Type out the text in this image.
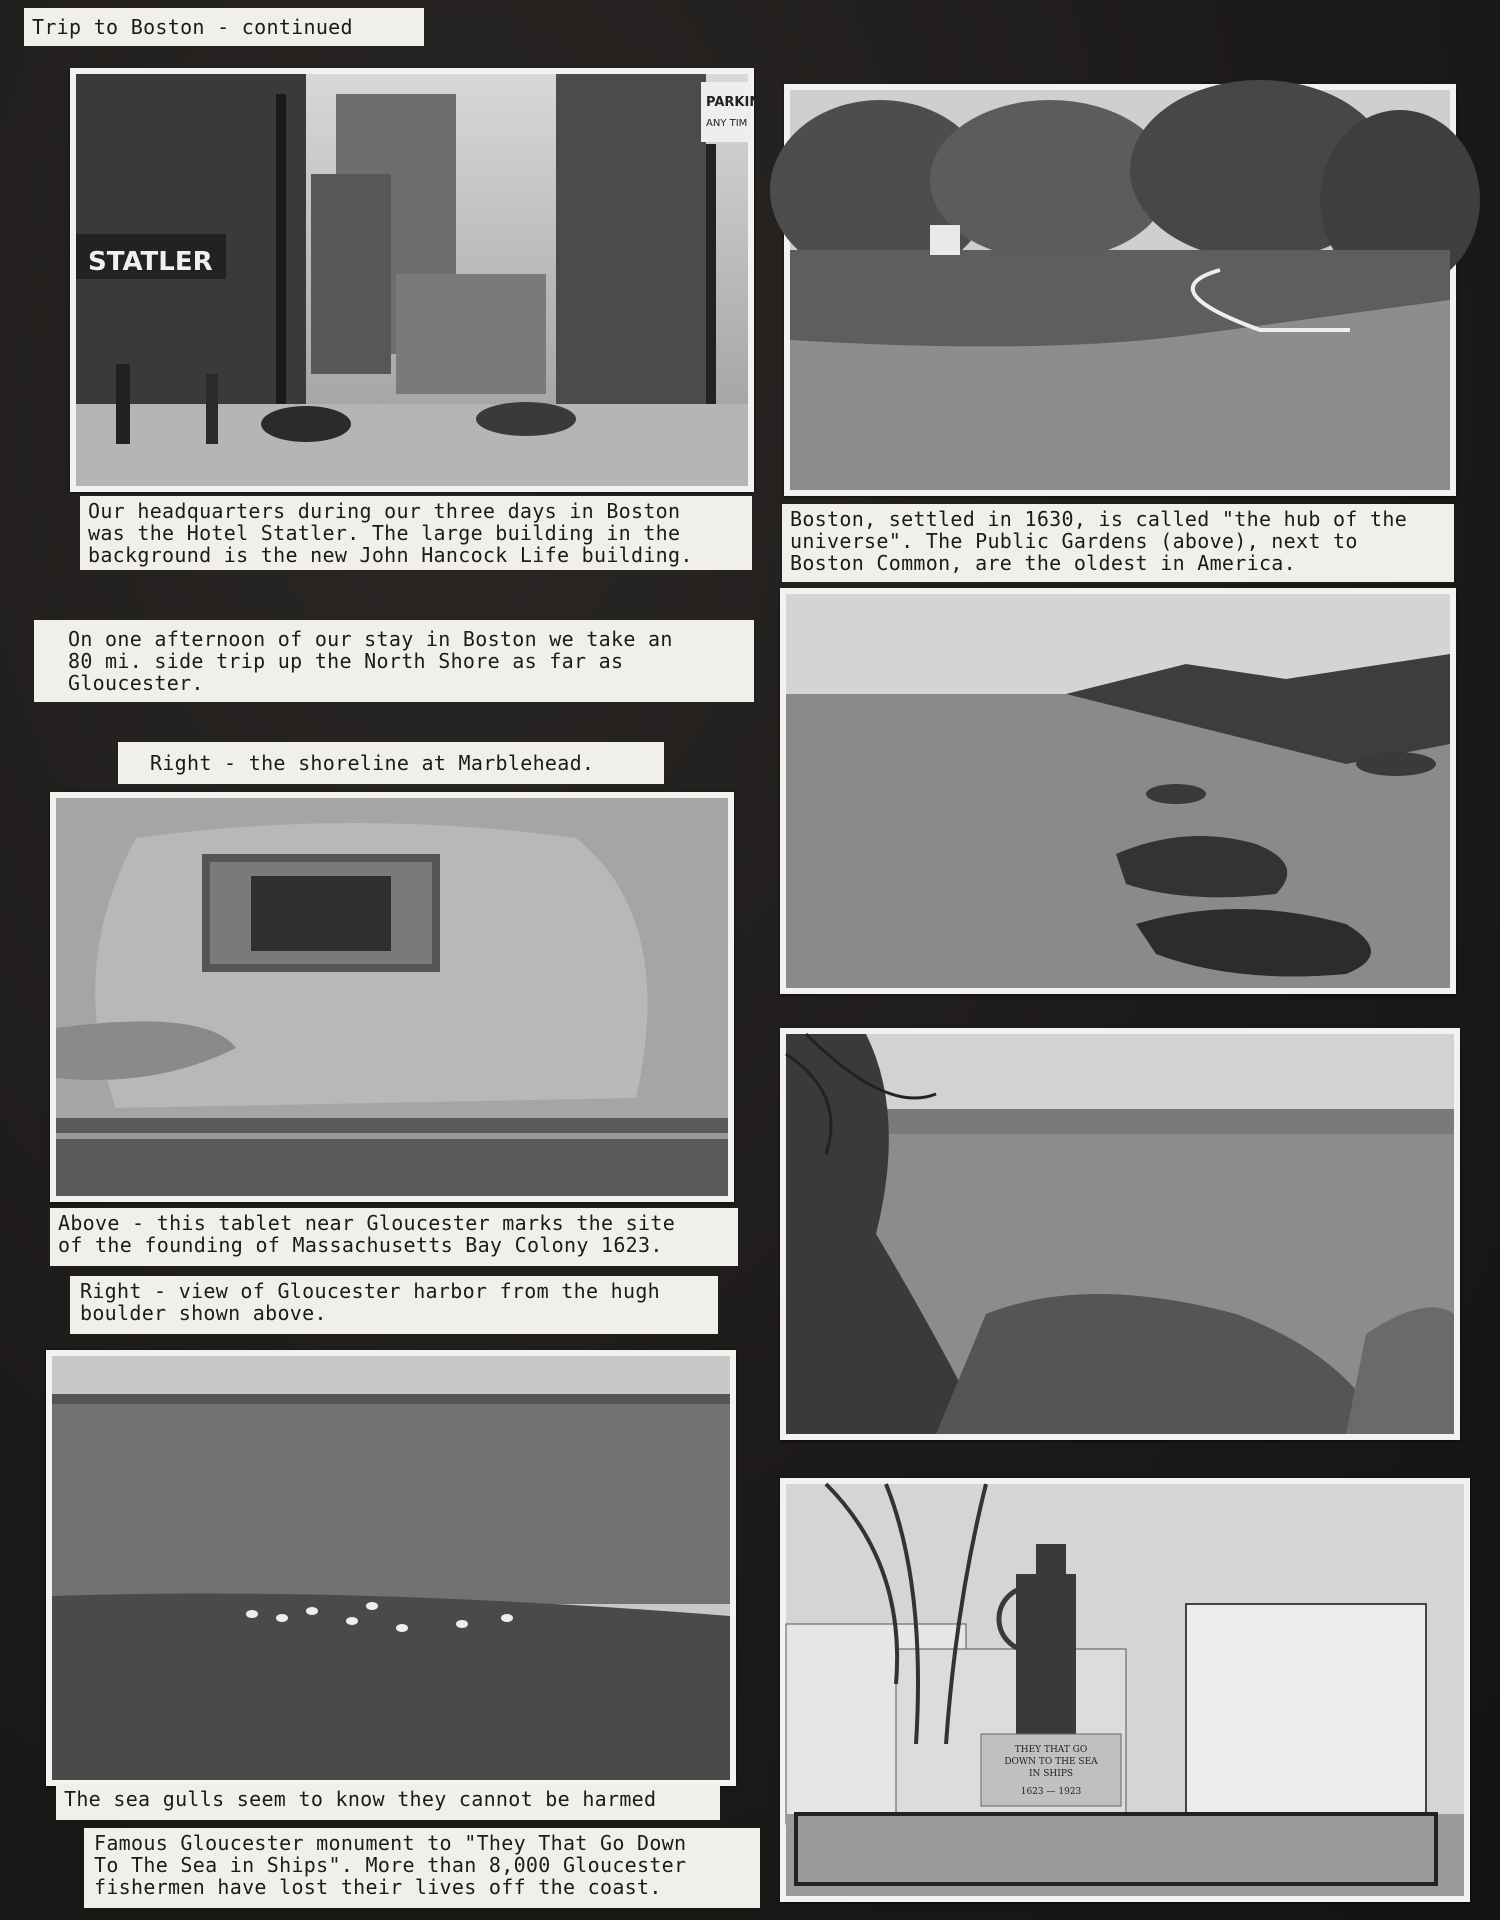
Trip to Boston - continued
STATLER
PARKIN
ANY TIM
Our headquarters during our three days in Boston
was the Hotel Statler. The large building in the
background is the new John Hancock Life building.
Boston, settled in 1630, is called "the hub of the
universe". The Public Gardens (above), next to
Boston Common, are the oldest in America.
On one afternoon of our stay in Boston we take an
80 mi. side trip up the North Shore as far as
Gloucester.
Right - the shoreline at Marblehead.
Above - this tablet near Gloucester marks the site
of the founding of Massachusetts Bay Colony 1623.
Right - view of Gloucester harbor from the hugh
boulder shown above.
The sea gulls seem to know they cannot be harmed
THEY THAT GO
DOWN TO THE SEA
IN SHIPS
1623 — 1923
Famous Gloucester monument to "They That Go Down
To The Sea in Ships". More than 8,000 Gloucester
fishermen have lost their lives off the coast.
